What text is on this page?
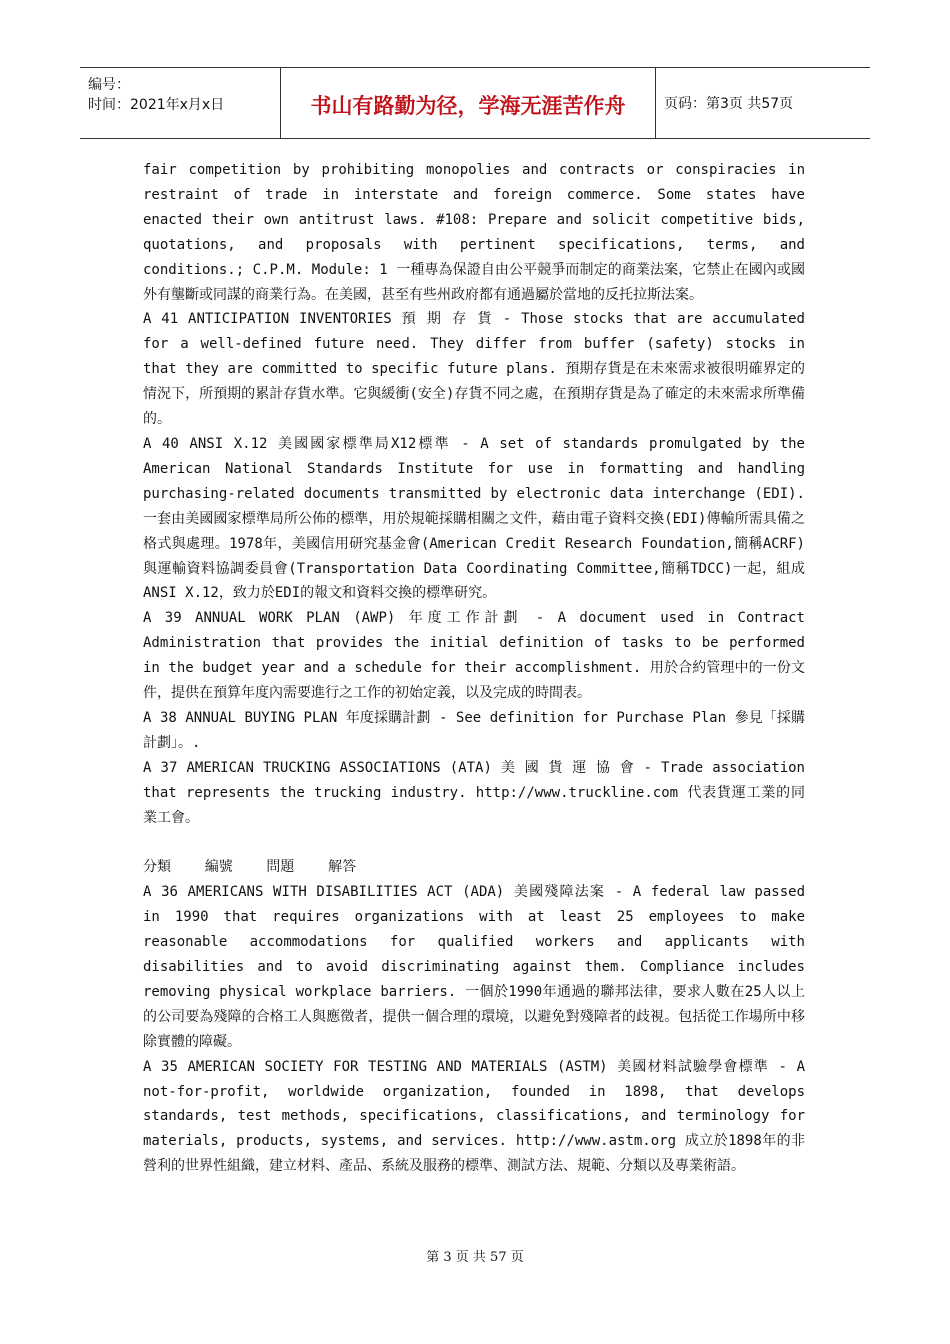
编号：
时间：2021年x月x日	书山有路勤为径，学海无涯苦作舟	页码：第3页 共57页

fair competition by prohibiting monopolies and contracts or conspiracies in restraint of trade in interstate and foreign commerce. Some states have enacted their own antitrust laws. #108: Prepare and solicit competitive bids, quotations, and proposals with pertinent specifications, terms, and conditions.; C.P.M. Module: 1 一種專為保證自由公平競爭而制定的商業法案，它禁止在國內或國外有壟斷或同謀的商業行為。在美國，甚至有些州政府都有通過屬於當地的反托拉斯法案。

A 41 ANTICIPATION INVENTORIES 預 期 存 貨 - Those stocks that are accumulated for a well-defined future need. They differ from buffer (safety) stocks in that they are committed to specific future plans. 預期存貨是在未來需求被很明確界定的情況下，所預期的累計存貨水準。它與緩衝(安全)存貨不同之處，在預期存貨是為了確定的未來需求所準備的。

A 40 ANSI X.12 美國國家標準局X12標準 - A set of standards promulgated by the American National Standards Institute for use in formatting and handling purchasing-related documents transmitted by electronic data interchange (EDI). 一套由美國國家標準局所公佈的標準，用於規範採購相關之文件，藉由電子資料交換(EDI)傳輸所需具備之格式與處理。1978年，美國信用研究基金會(American Credit Research Foundation,簡稱ACRF)與運輸資料協調委員會(Transportation Data Coordinating Committee,簡稱TDCC)一起，組成ANSI X.12，致力於EDI的報文和資料交換的標準研究。

A 39 ANNUAL WORK PLAN (AWP) 年度工作計劃 - A document used in Contract Administration that provides the initial definition of tasks to be performed in the budget year and a schedule for their accomplishment. 用於合約管理中的一份文件，提供在預算年度內需要進行之工作的初始定義，以及完成的時間表。

A 38 ANNUAL BUYING PLAN 年度採購計劃 - See definition for Purchase Plan 參見「採購計劃」。.

A 37 AMERICAN TRUCKING ASSOCIATIONS (ATA) 美 國 貨 運 協 會 - Trade association that represents the trucking industry. http://www.truckline.com 代表貨運工業的同業工會。

分類    編號    問題    解答

A 36 AMERICANS WITH DISABILITIES ACT (ADA) 美國殘障法案 - A federal law passed in 1990 that requires organizations with at least 25 employees to make reasonable accommodations for qualified workers and applicants with disabilities and to avoid discriminating against them. Compliance includes removing physical workplace barriers. 一個於1990年通過的聯邦法律，要求人數在25人以上的公司要為殘障的合格工人與應徵者，提供一個合理的環境，以避免對殘障者的歧視。包括從工作場所中移除實體的障礙。

A 35 AMERICAN SOCIETY FOR TESTING AND MATERIALS (ASTM) 美國材料試驗學會標準 - A not-for-profit, worldwide organization, founded in 1898, that develops standards, test methods, specifications, classifications, and terminology for materials, products, systems, and services. http://www.astm.org 成立於1898年的非營利的世界性組織，建立材料、產品、系統及服務的標準、測試方法、規範、分類以及專業術語。

第 3 页 共 57 页
